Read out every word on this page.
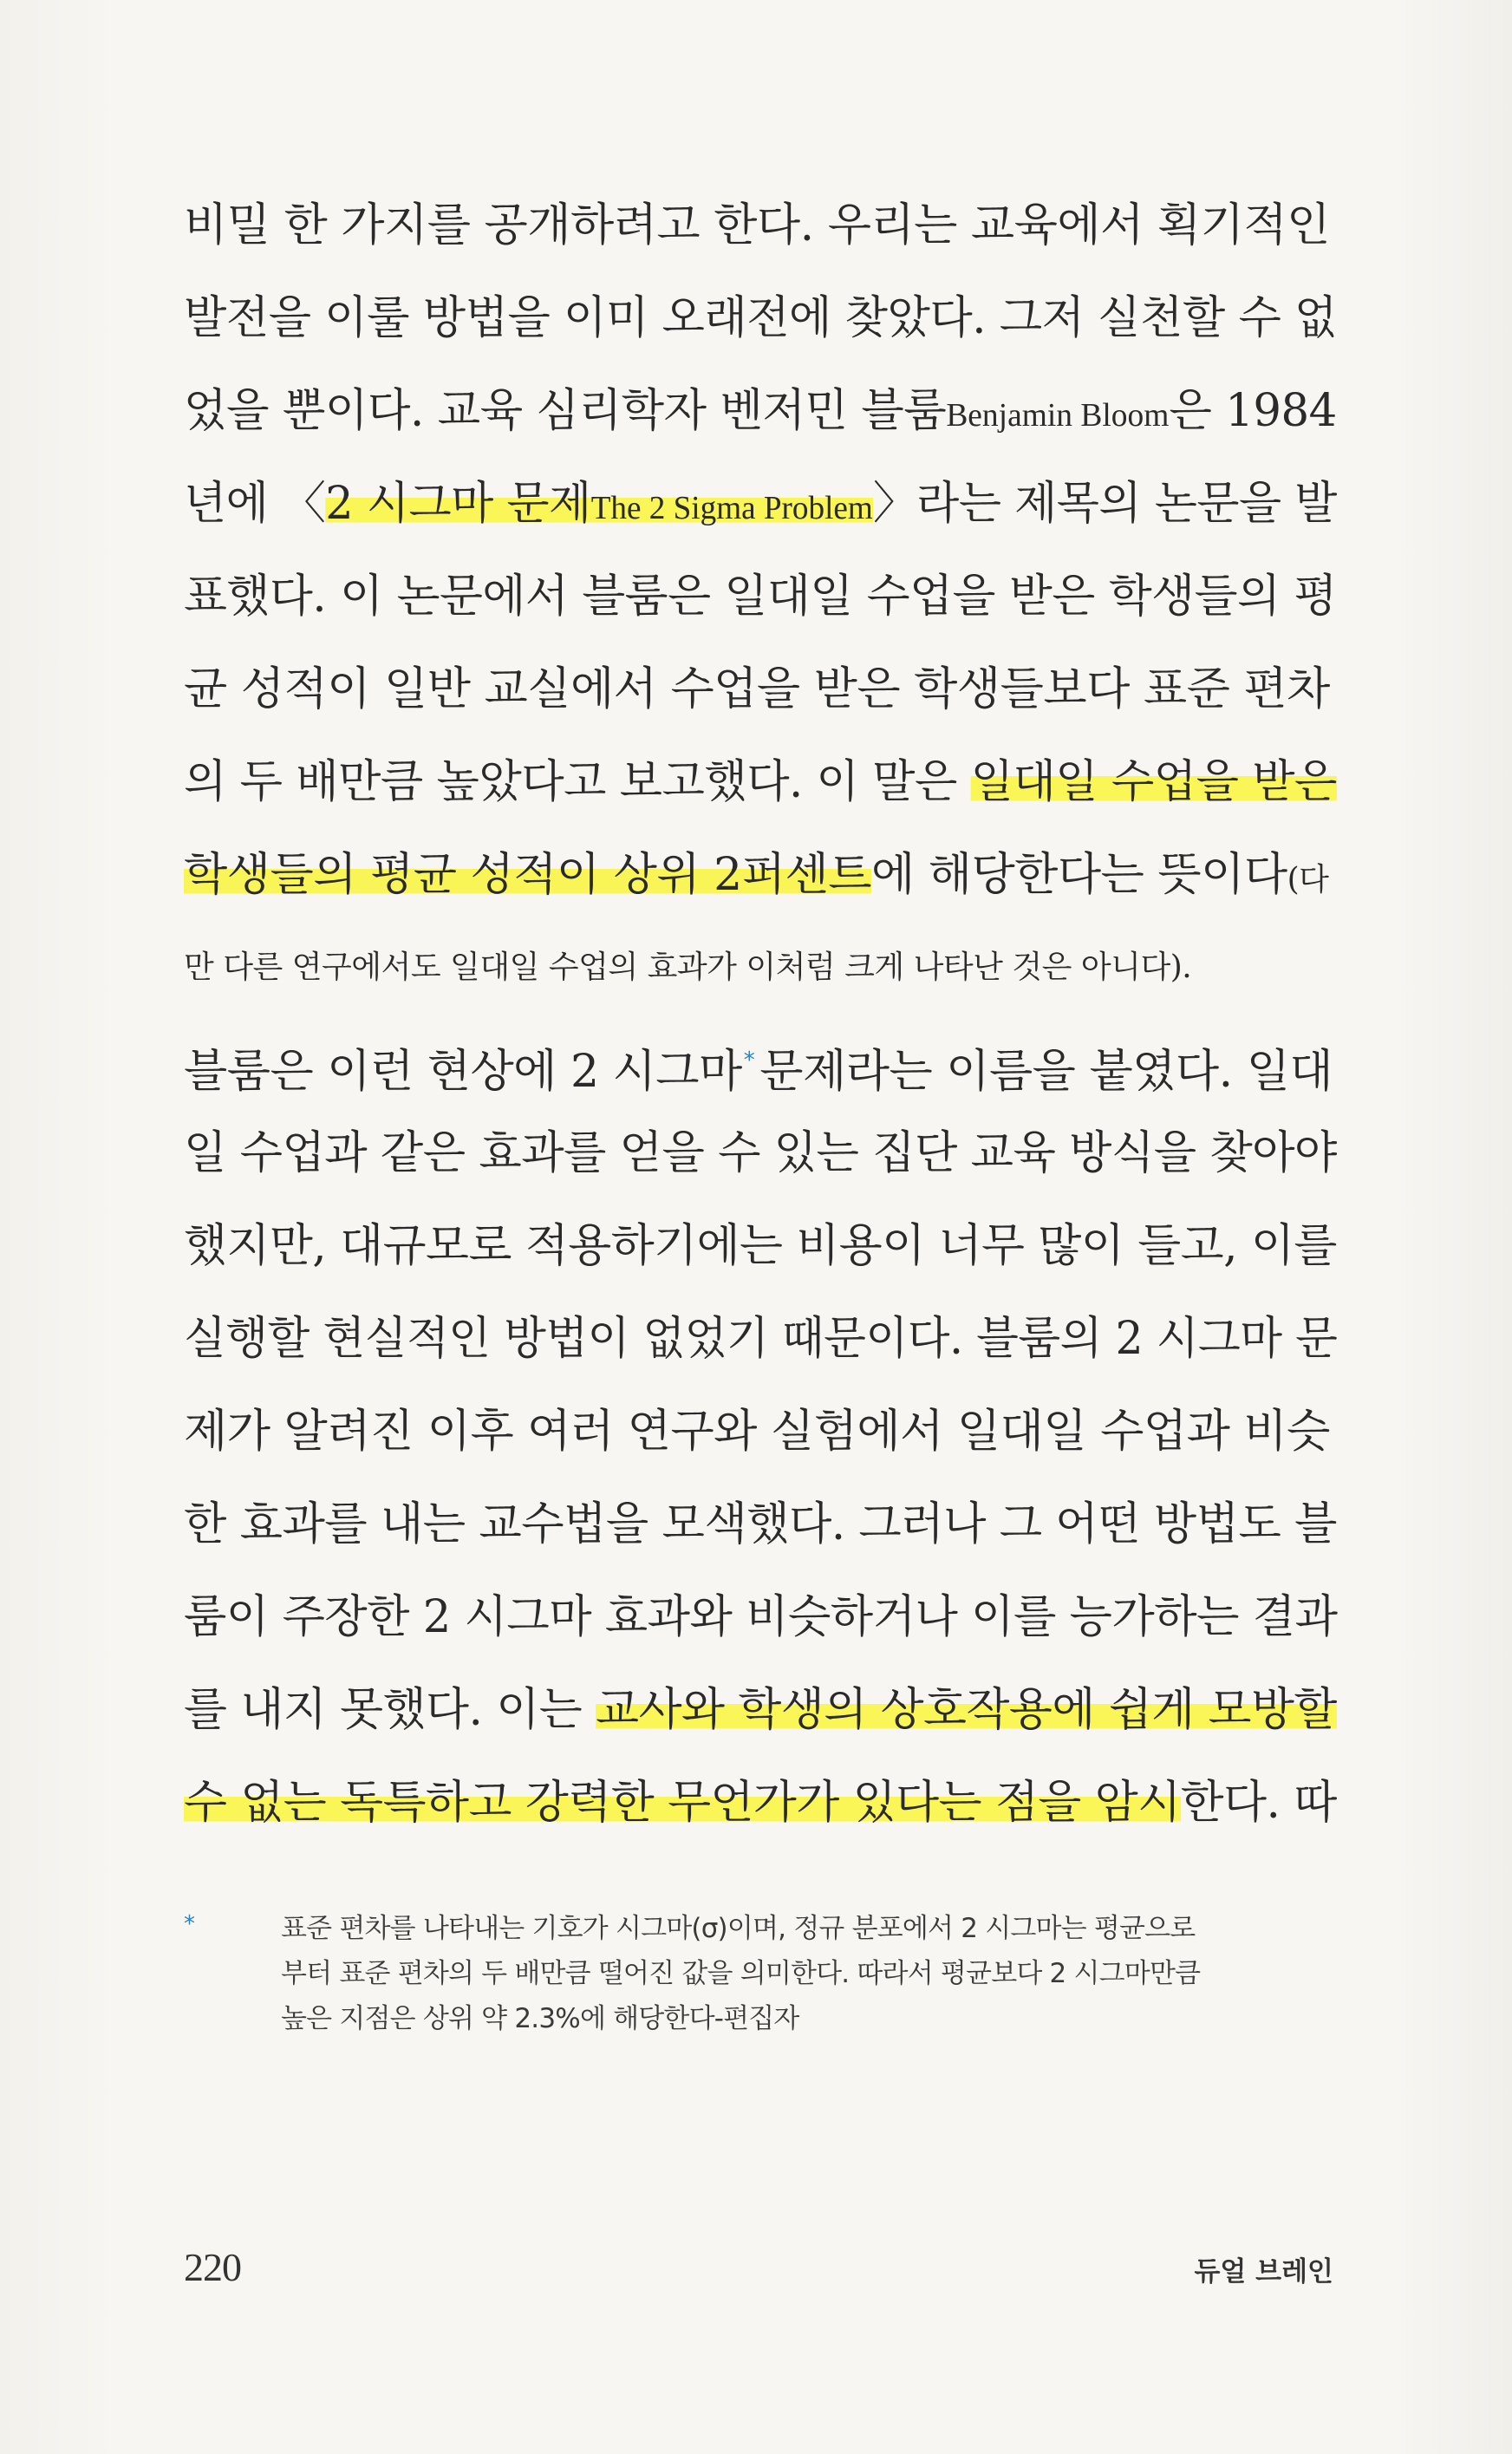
비밀 한 가지를 공개하려고 한다. 우리는 교육에서 획기적인
발전을 이룰 방법을 이미 오래전에 찾았다. 그저 실천할 수 없
었을 뿐이다. 교육 심리학자 벤저민 블룸Benjamin Bloom은 1984
년에 〈2 시그마 문제The 2 Sigma Problem〉라는 제목의 논문을 발
표했다. 이 논문에서 블룸은 일대일 수업을 받은 학생들의 평
균 성적이 일반 교실에서 수업을 받은 학생들보다 표준 편차
의 두 배만큼 높았다고 보고했다. 이 말은 일대일 수업을 받은
학생들의 평균 성적이 상위 2퍼센트에 해당한다는 뜻이다(다
만 다른 연구에서도 일대일 수업의 효과가 이처럼 크게 나타난 것은 아니다).
블룸은 이런 현상에 2 시그마* 문제라는 이름을 붙였다. 일대
일 수업과 같은 효과를 얻을 수 있는 집단 교육 방식을 찾아야
했지만, 대규모로 적용하기에는 비용이 너무 많이 들고, 이를
실행할 현실적인 방법이 없었기 때문이다. 블룸의 2 시그마 문
제가 알려진 이후 여러 연구와 실험에서 일대일 수업과 비슷
한 효과를 내는 교수법을 모색했다. 그러나 그 어떤 방법도 블
룸이 주장한 2 시그마 효과와 비슷하거나 이를 능가하는 결과
를 내지 못했다. 이는 교사와 학생의 상호작용에 쉽게 모방할
수 없는 독특하고 강력한 무언가가 있다는 점을 암시한다. 따
*	표준 편차를 나타내는 기호가 시그마(σ)이며, 정규 분포에서 2 시그마는 평균으로
부터 표준 편차의 두 배만큼 떨어진 값을 의미한다. 따라서 평균보다 2 시그마만큼
높은 지점은 상위 약 2.3%에 해당한다-편집자
220	듀얼 브레인
